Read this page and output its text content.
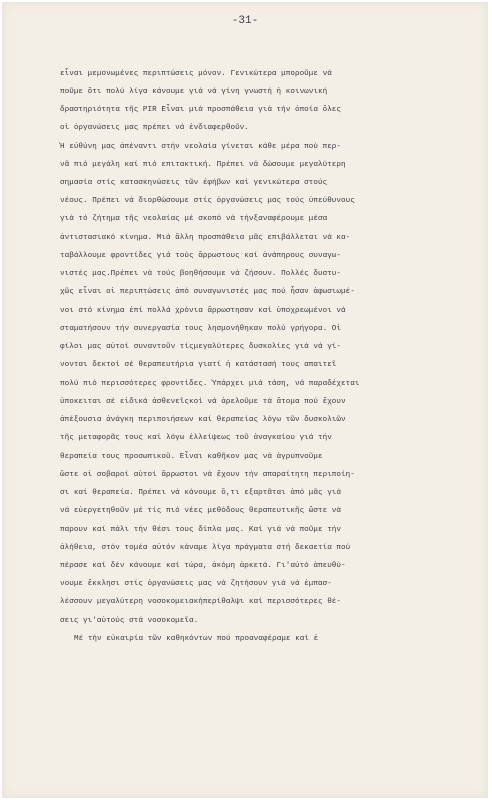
-31-
εἶναι μεμονωμένες περιπτώσεις μόνον. Γενικώτερα μποροῦμε νά
ποῦμε ὅτι πολύ λίγα κάνουμε γιά νά γίνη γνωστή ἡ κοινωνική
δραστηριότητα τῆς PIR Εἶναι μιά προσπάθεια γιά τήν ὁποία ὅλες
οἱ ὀργανώσεις μας πρέπει νά ἐνδιαφερθοῦν.
Ἡ εὐθύνη μας ἀπέναντι στήν νεολαία γίνεται κάθε μέρα πού περ-
νᾶ πιό μεγάλη καί πιό επιτακτική. Πρέπει νά δώσουμε μεγαλύτερη
σημασία στίς κατασκηνώσεις τῶν ἐφήβων καί γενικώτερα στούς
νέους. Πρέπει νά διορθώσουμε στίς ὀργανώσεις μας τούς ὑπεύθυνους
γιά τό ζήτημα τῆς νεολαίας μέ σκοπό νά τήνξαναφέρουμε μέσα
ἀντιστασιακό κίνημα. Μιά ἄλλη προσπάθεια μᾶς επιβάλλεται νά κα-
ταβάλλουμε φροντίδες γιά τούς ἄρρωστους καί ἀνάπηρους συναγω-
νιστές μας.Πρέπει νά τούς βοηθήσουμε νά ζήσουν. Πολλές δυστυ-
χῶς εἶναι οἱ περιπτώσεις ἀπό συναγωνιστές μας πού ἦσαν ἀφωσιωμέ-
νοι στό κίνημα ἐπί πολλά χρόνια ἄρρωστησαν καί ὑποχρεωμένοι νά
σταματήσουν τήν συνεργασία τους λησμονήθηκαν πολύ γρήγορα. Οἱ
φίλοι μας αὐτοί συναντοῦν τίςμεγαλύτερες δυσκολίες γιά νά γί-
νονται δεκτοί σέ θεραπευτήρια γιατί ἡ κατάστασή τους απαιτεῖ
πολύ πιό περισσότερες φροντίδες. Ὑπάρχει μιά τάση, νά παραδέχεται
ὑποκειται σέ εἰδικά ἀσθενεῖςκοί νά ἀρελοῦμε τά ἄτομα πού ἔχουν
ἀπέξουσια ἀνάγκη περιποιήσεων καί θεραπείας λόγω τῶν δυσκολιῶν
τῆς μεταφορᾶς τους καί λόγω ἐλλείψεως τοῦ ἀναγκαίου γιά τήν
θεραπεία τους προσωπικοῦ. Εἶναι καθῆκον μας νά ἀγρυπνοῦμε
ὥστε οἱ σοβαροί αὐτοί ἄρρωστοι νά ἔχουν τήν απαραίτητη περιποίη-
σι καί θεραπεία. Πρέπει νά κάνουμε ὅ,τι εξαρτᾶται ἀπό μᾶς γιά
νά εὐεργετηθοῦν μέ τίς πιό νέες μεθόδους θεραπευτικῆς ὥστε νά
παρουν καί πάλι τήν θέσι τους δίπλα μας. Καί γιά νά ποῦμε τήν
ἀλήθεια, στόν τομέα αὐτόν κάναμε λίγα πράγματα στή δεκαετία πού
πέρασε καί δέν κάνουμε καί τώρα, ἀκόμη ἀρκετά. Γι'αὐτό ἀπευθύ-
νουμε ἔκκλησι στίς ὀργανώσεις μας νά ζητήσουν γιά νά ἐμπασ-
λέσσουν μεγαλύτερη νοσοκομειακήπερίθαλψι καί περισσότερες θέ-
σεις γι'αὐτούς στά νοσοκομεῖα.
Μέ τήν εὐκαιρία τῶν καθηκόντων πού προαναφέραμε καί ἐ
